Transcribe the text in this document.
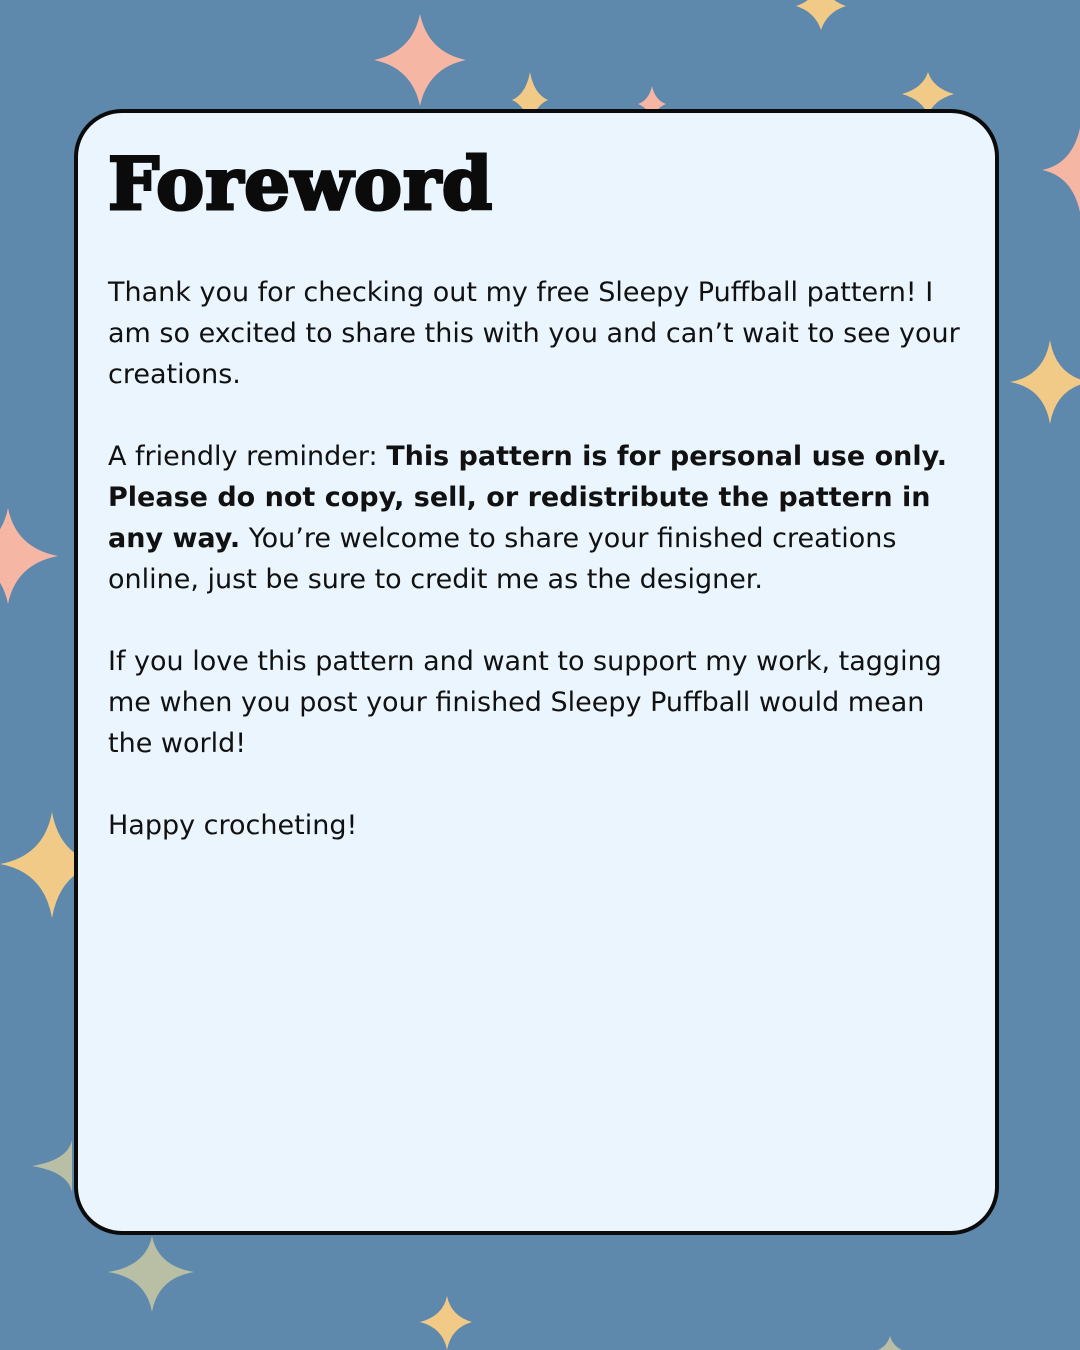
Foreword

Thank you for checking out my free Sleepy Puffball pattern! I am so excited to share this with you and can’t wait to see your creations.

A friendly reminder: This pattern is for personal use only. Please do not copy, sell, or redistribute the pattern in any way. You’re welcome to share your finished creations online, just be sure to credit me as the designer.

If you love this pattern and want to support my work, tagging me when you post your finished Sleepy Puffball would mean the world!

Happy crocheting!
